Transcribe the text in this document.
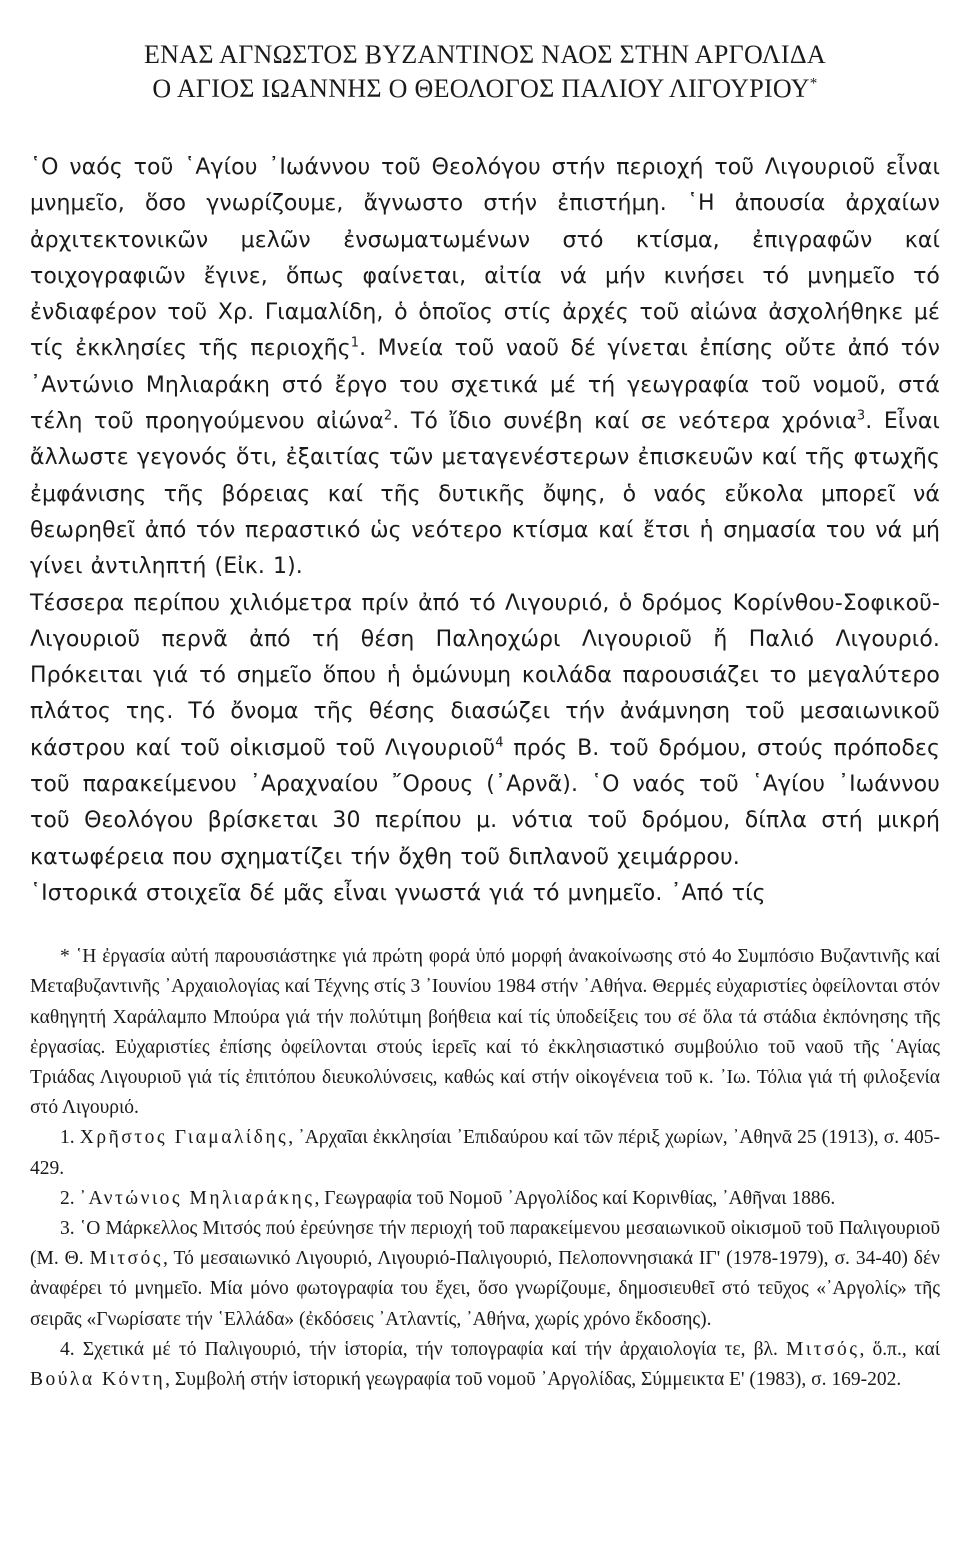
ΕΝΑΣ ΑΓΝΩΣΤΟΣ ΒΥΖΑΝΤΙΝΟΣ ΝΑΟΣ ΣΤΗΝ ΑΡΓΟΛΙΔΑ
Ο ΑΓΙΟΣ ΙΩΑΝΝΗΣ Ο ΘΕΟΛΟΓΟΣ ΠΑΛΙΟΥ ΛΙΓΟΥΡΙΟΥ*

῾Ο ναός τοῦ ῾Αγίου ᾿Ιωάννου τοῦ Θεολόγου στήν περιοχή τοῦ Λιγουριοῦ εἶναι μνημεῖο, ὅσο γνωρίζουμε, ἄγνωστο στήν ἐπιστήμη. ῾Η ἀπουσία ἀρχαίων ἀρχιτεκτονικῶν μελῶν ἐνσωματωμένων στό κτίσμα, ἐπιγραφῶν καί τοιχογραφιῶν ἔγινε, ὅπως φαίνεται, αἰτία νά μήν κινήσει τό μνημεῖο τό ἐνδιαφέρον τοῦ Χρ. Γιαμαλίδη, ὁ ὁποῖος στίς ἀρχές τοῦ αἰώνα ἀσχολήθηκε μέ τίς ἐκκλησίες τῆς περιοχῆς$^1$. Μνεία τοῦ ναοῦ δέ γίνεται ἐπίσης οὔτε ἀπό τόν ᾿Αντώνιο Μηλιαράκη στό ἔργο του σχετικά μέ τή γεωγραφία τοῦ νομοῦ, στά τέλη τοῦ προηγούμενου αἰώνα$^2$. Τό ἴδιο συνέβη καί σε νεότερα χρόνια$^3$. Εἶναι ἄλλωστε γεγονός ὅτι, ἐξαιτίας τῶν μεταγενέστερων ἐπισκευῶν καί τῆς φτωχῆς ἐμφάνισης τῆς βόρειας καί τῆς δυτικῆς ὄψης, ὁ ναός εὔκολα μπορεῖ νά θεωρηθεῖ ἀπό τόν περαστικό ὡς νεότερο κτίσμα καί ἔτσι ἡ σημασία του νά μή γίνει ἀντιληπτή (Εἰκ. 1).

Τέσσερα περίπου χιλιόμετρα πρίν ἀπό τό Λιγουριό, ὁ δρόμος Κορίνθου-Σοφικοῦ-Λιγουριοῦ περνᾶ ἀπό τή θέση Παληοχώρι Λιγουριοῦ ἤ Παλιό Λιγουριό. Πρόκειται γιά τό σημεῖο ὅπου ἡ ὁμώνυμη κοιλάδα παρουσιάζει το μεγαλύτερο πλάτος της. Τό ὄνομα τῆς θέσης διασώζει τήν ἀνάμνηση τοῦ μεσαιωνικοῦ κάστρου καί τοῦ οἰκισμοῦ τοῦ Λιγουριοῦ$^4$ πρός Β. τοῦ δρόμου, στούς πρόποδες τοῦ παρακείμενου ᾿Αραχναίου ῎Ορους (᾿Αρνᾶ). ῾Ο ναός τοῦ ῾Αγίου ᾿Ιωάννου τοῦ Θεολόγου βρίσκεται 30 περίπου μ. νότια τοῦ δρόμου, δίπλα στή μικρή κατωφέρεια που σχηματίζει τήν ὄχθη τοῦ διπλανοῦ χειμάρρου.

῾Ιστορικά στοιχεῖα δέ μᾶς εἶναι γνωστά γιά τό μνημεῖο. ᾿Από τίς

* ῾Η ἐργασία αὐτή παρουσιάστηκε γιά πρώτη φορά ὑπό μορφή ἀνακοίνωσης στό 4ο Συμπόσιο Βυζαντινῆς καί Μεταβυζαντινῆς ᾿Αρχαιολογίας καί Τέχνης στίς 3 ᾿Ιουνίου 1984 στήν ᾿Αθήνα. Θερμές εὐχαριστίες ὀφείλονται στόν καθηγητή Χαράλαμπο Μπούρα γιά τήν πολύτιμη βοήθεια καί τίς ὑποδείξεις του σέ ὅλα τά στάδια ἐκπόνησης τῆς ἐργασίας. Εὐχαριστίες ἐπίσης ὀφείλονται στούς ἱερεῖς καί τό ἐκκλησιαστικό συμβούλιο τοῦ ναοῦ τῆς ῾Αγίας Τριάδας Λιγουριοῦ γιά τίς ἐπιτόπου διευκολύνσεις, καθώς καί στήν οἰκογένεια τοῦ κ. ᾿Ιω. Τόλια γιά τή φιλοξενία στό Λιγουριό.

1. Χρῆστος Γιαμαλίδης, ᾿Αρχαῖαι ἐκκλησίαι ᾿Επιδαύρου καί τῶν πέριξ χωρίων, ᾿Αθηνᾶ 25 (1913), σ. 405-429.

2. ᾿Αντώνιος Μηλιαράκης, Γεωγραφία τοῦ Νομοῦ ᾿Αργολίδος καί Κορινθίας, ᾿Αθῆναι 1886.

3. ῾Ο Μάρκελλος Μιτσός πού ἐρεύνησε τήν περιοχή τοῦ παρακείμενου μεσαιωνικοῦ οἰκισμοῦ τοῦ Παλιγουριοῦ (Μ. Θ. Μιτσός, Τό μεσαιωνικό Λιγουριό, Λιγουριό-Παλιγουριό, Πελοποννησιακά ΙΓ' (1978-1979), σ. 34-40) δέν ἀναφέρει τό μνημεῖο. Μία μόνο φωτογραφία του ἔχει, ὅσο γνωρίζουμε, δημοσιευθεῖ στό τεῦχος «᾿Αργολίς» τῆς σειρᾶς «Γνωρίσατε τήν ῾Ελλάδα» (ἐκδόσεις ᾿Ατλαντίς, ᾿Αθήνα, χωρίς χρόνο ἔκδοσης).

4. Σχετικά μέ τό Παλιγουριό, τήν ἱστορία, τήν τοπογραφία καί τήν ἀρχαιολογία τε, βλ. Μιτσός, ὅ.π., καί Βούλα Κόντη, Συμβολή στήν ἱστορική γεωγραφία τοῦ νομοῦ ᾿Αργολίδας, Σύμμεικτα Ε' (1983), σ. 169-202.
